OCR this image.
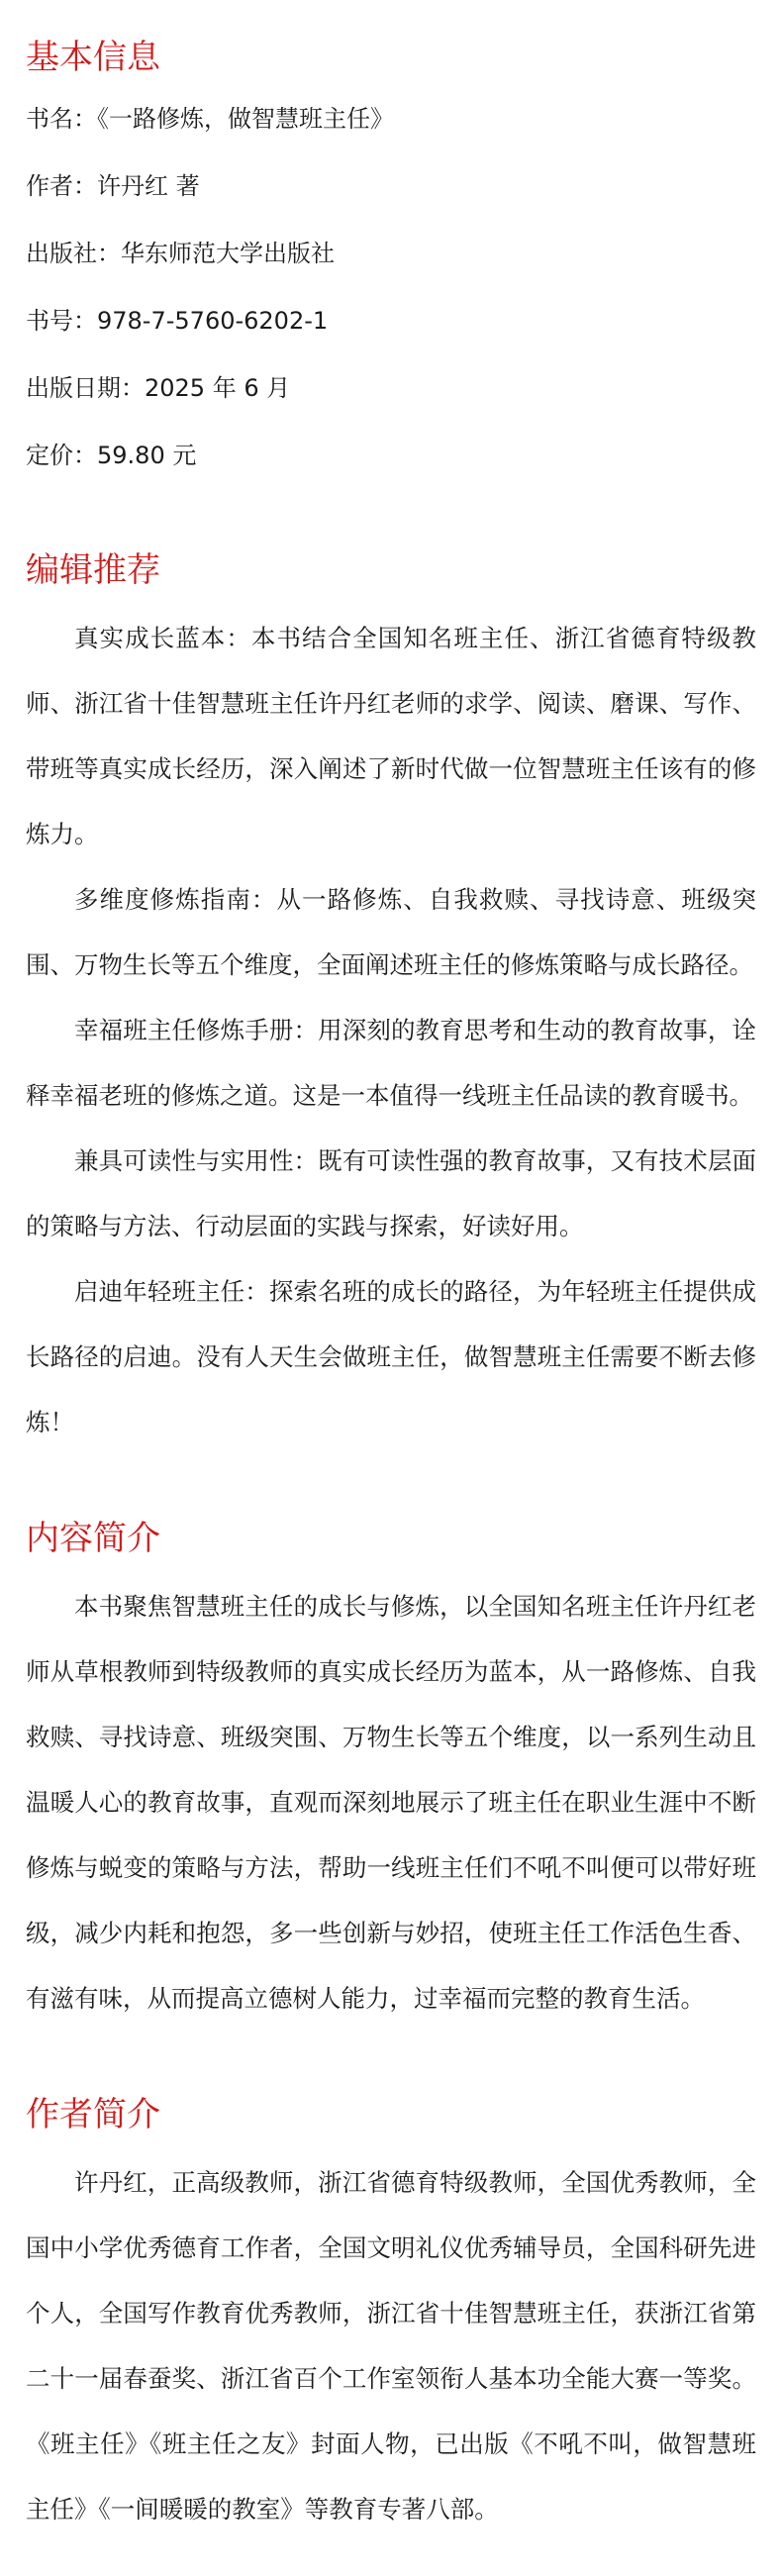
基本信息
书名：《一路修炼，做智慧班主任》
作者：许丹红 著
出版社：华东师范大学出版社
书号：978-7-5760-6202-1
出版日期：2025 年 6 月
定价：59.80 元
编辑推荐

真实成长蓝本：本书结合全国知名班主任、浙江省德育特级教师、浙江省十佳智慧班主任许丹红老师的求学、阅读、磨课、写作、带班等真实成长经历，深入阐述了新时代做一位智慧班主任该有的修炼力。

多维度修炼指南：从一路修炼、自我救赎、寻找诗意、班级突围、万物生长等五个维度，全面阐述班主任的修炼策略与成长路径。

幸福班主任修炼手册：用深刻的教育思考和生动的教育故事，诠释幸福老班的修炼之道。这是一本值得一线班主任品读的教育暖书。

兼具可读性与实用性：既有可读性强的教育故事，又有技术层面的策略与方法、行动层面的实践与探索，好读好用。

启迪年轻班主任：探索名班的成长的路径，为年轻班主任提供成长路径的启迪。没有人天生会做班主任，做智慧班主任需要不断去修炼！

内容简介

本书聚焦智慧班主任的成长与修炼，以全国知名班主任许丹红老师从草根教师到特级教师的真实成长经历为蓝本，从一路修炼、自我救赎、寻找诗意、班级突围、万物生长等五个维度，以一系列生动且温暖人心的教育故事，直观而深刻地展示了班主任在职业生涯中不断修炼与蜕变的策略与方法，帮助一线班主任们不吼不叫便可以带好班级，减少内耗和抱怨，多一些创新与妙招，使班主任工作活色生香、有滋有味，从而提高立德树人能力，过幸福而完整的教育生活。

作者简介

许丹红，正高级教师，浙江省德育特级教师，全国优秀教师，全国中小学优秀德育工作者，全国文明礼仪优秀辅导员，全国科研先进个人，全国写作教育优秀教师，浙江省十佳智慧班主任，获浙江省第二十一届春蚕奖、浙江省百个工作室领衔人基本功全能大赛一等奖。《班主任》《班主任之友》封面人物，已出版《不吼不叫，做智慧班主任》《一间暖暖的教室》等教育专著八部。
